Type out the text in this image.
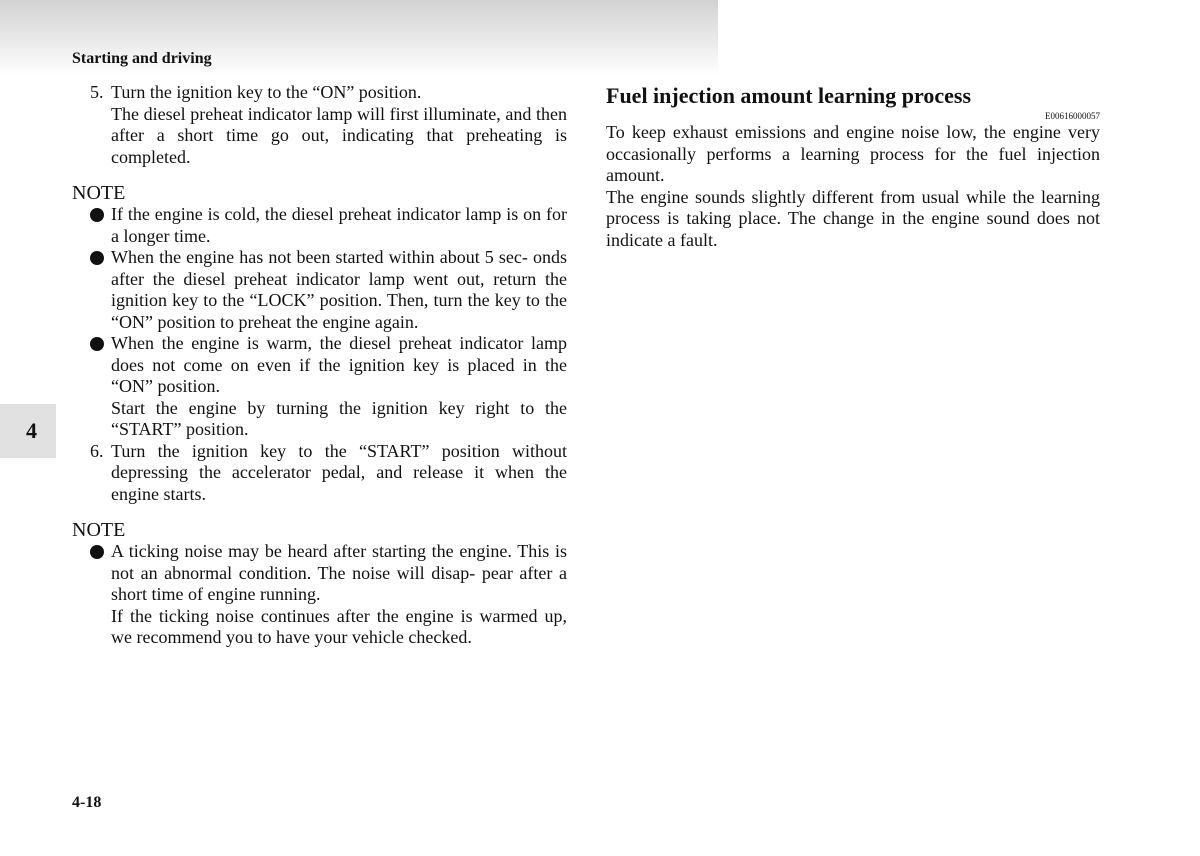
Starting and driving
4
5. Turn the ignition key to the “ON” position.

The diesel preheat indicator lamp will first illuminate, and then after a short time go out, indicating that preheating is completed.

NOTE

If the engine is cold, the diesel preheat indicator lamp is on for a longer time.

When the engine has not been started within about 5 sec- onds after the diesel preheat indicator lamp went out, return the ignition key to the “LOCK” position. Then, turn the key to the “ON” position to preheat the engine again.

When the engine is warm, the diesel preheat indicator lamp does not come on even if the ignition key is placed in the “ON” position.

Start the engine by turning the ignition key right to the “START” position.

6. Turn the ignition key to the “START” position without depressing the accelerator pedal, and release it when the engine starts.

NOTE

A ticking noise may be heard after starting the engine. This is not an abnormal condition. The noise will disap- pear after a short time of engine running.

If the ticking noise continues after the engine is warmed up, we recommend you to have your vehicle checked.

Fuel injection amount learning process
E00616000057

To keep exhaust emissions and engine noise low, the engine very occasionally performs a learning process for the fuel injection amount.

The engine sounds slightly different from usual while the learning process is taking place. The change in the engine sound does not indicate a fault.

4-18
